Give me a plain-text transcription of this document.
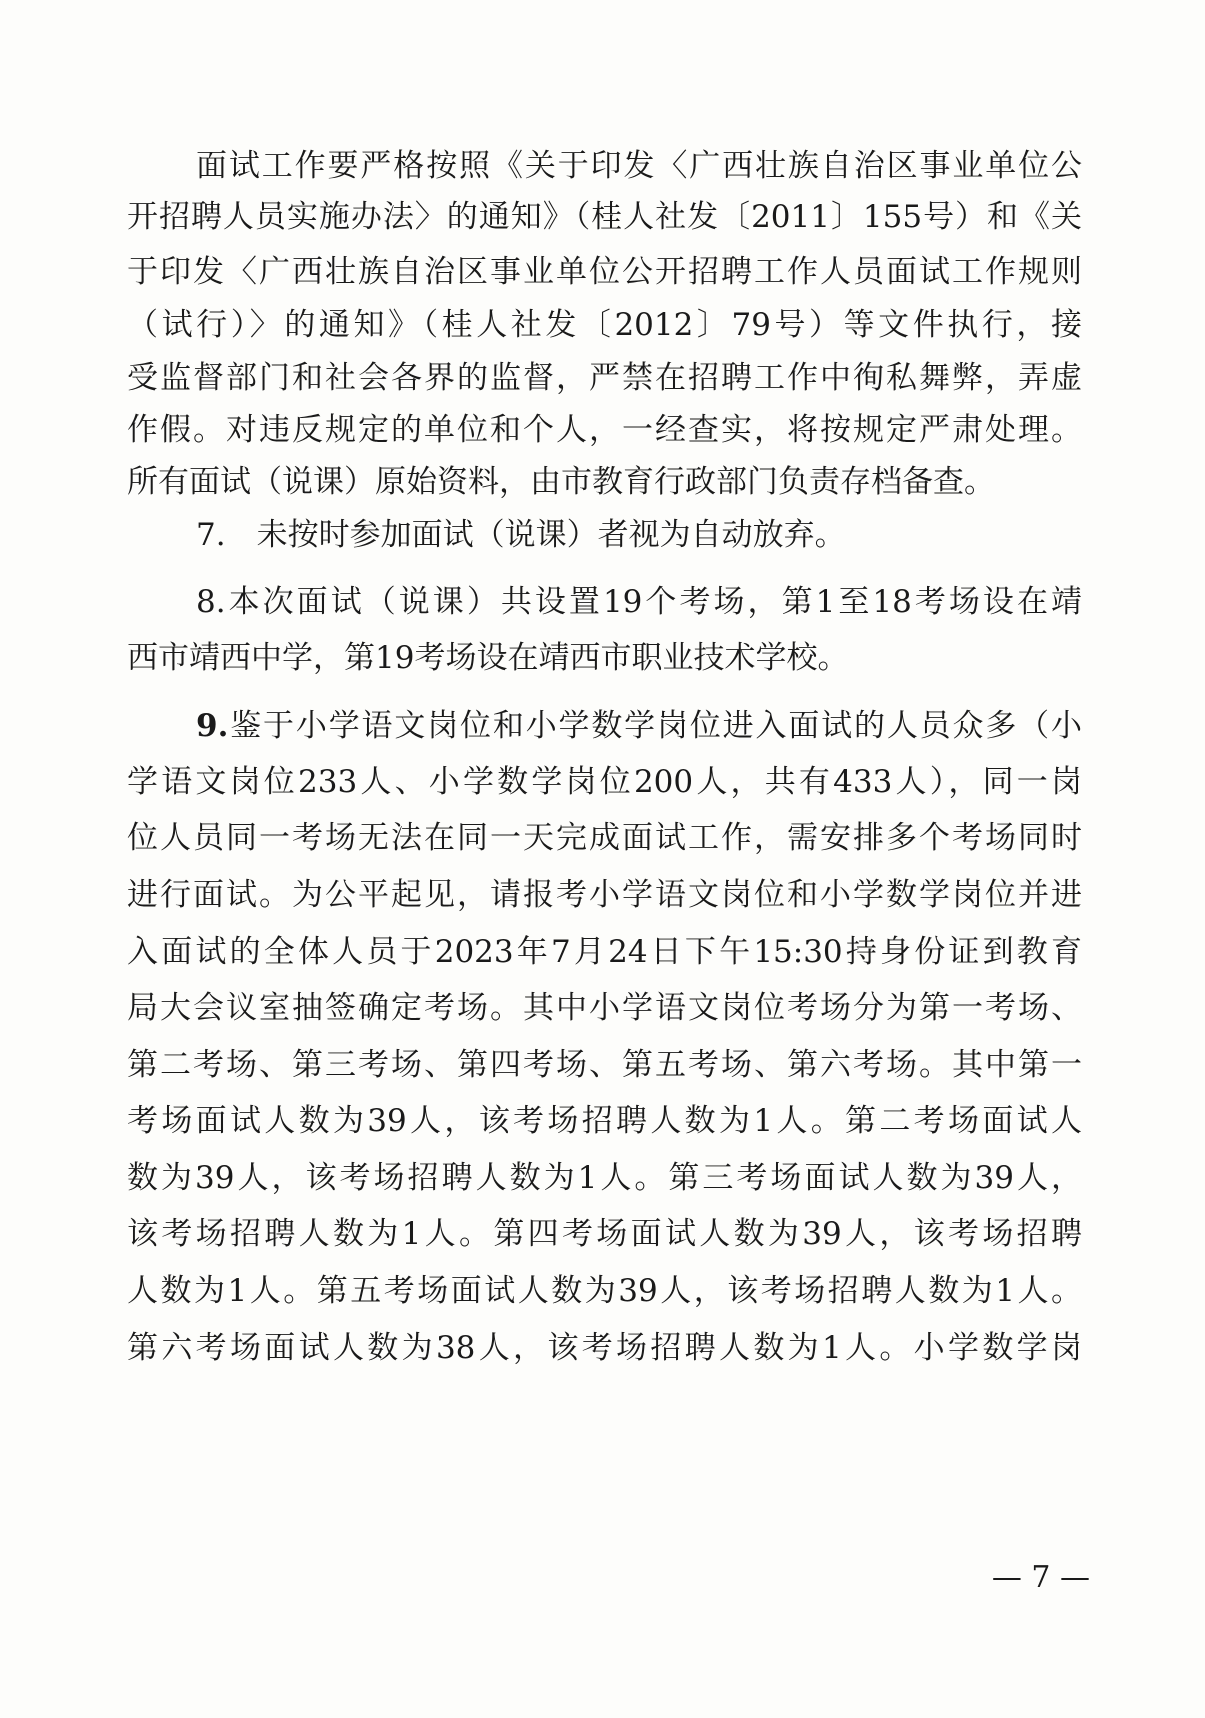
面试工作要严格按照《关于印发〈广西壮族自治区事业单位公
开招聘人员实施办法〉的通知》（桂人社发〔2011〕155号）和《关
于印发〈广西壮族自治区事业单位公开招聘工作人员面试工作规则
（试行）〉的通知》（桂人社发〔2012〕79号）等文件执行，接
受监督部门和社会各界的监督，严禁在招聘工作中徇私舞弊，弄虚
作假。对违反规定的单位和个人，一经查实，将按规定严肃处理。
所有面试（说课）原始资料，由市教育行政部门负责存档备查。
7.　未按时参加面试（说课）者视为自动放弃。
8.本次面试（说课）共设置19个考场，第1至18考场设在靖
西市靖西中学，第19考场设在靖西市职业技术学校。
9.鉴于小学语文岗位和小学数学岗位进入面试的人员众多（小
学语文岗位233人、小学数学岗位200人，共有433人），同一岗
位人员同一考场无法在同一天完成面试工作，需安排多个考场同时
进行面试。为公平起见，请报考小学语文岗位和小学数学岗位并进
入面试的全体人员于2023年7月24日下午15:30持身份证到教育
局大会议室抽签确定考场。其中小学语文岗位考场分为第一考场、
第二考场、第三考场、第四考场、第五考场、第六考场。其中第一
考场面试人数为39人，该考场招聘人数为1人。第二考场面试人
数为39人，该考场招聘人数为1人。第三考场面试人数为39人，
该考场招聘人数为1人。第四考场面试人数为39人，该考场招聘
人数为1人。第五考场面试人数为39人，该考场招聘人数为1人。
第六考场面试人数为38人，该考场招聘人数为1人。小学数学岗
— 7 —
